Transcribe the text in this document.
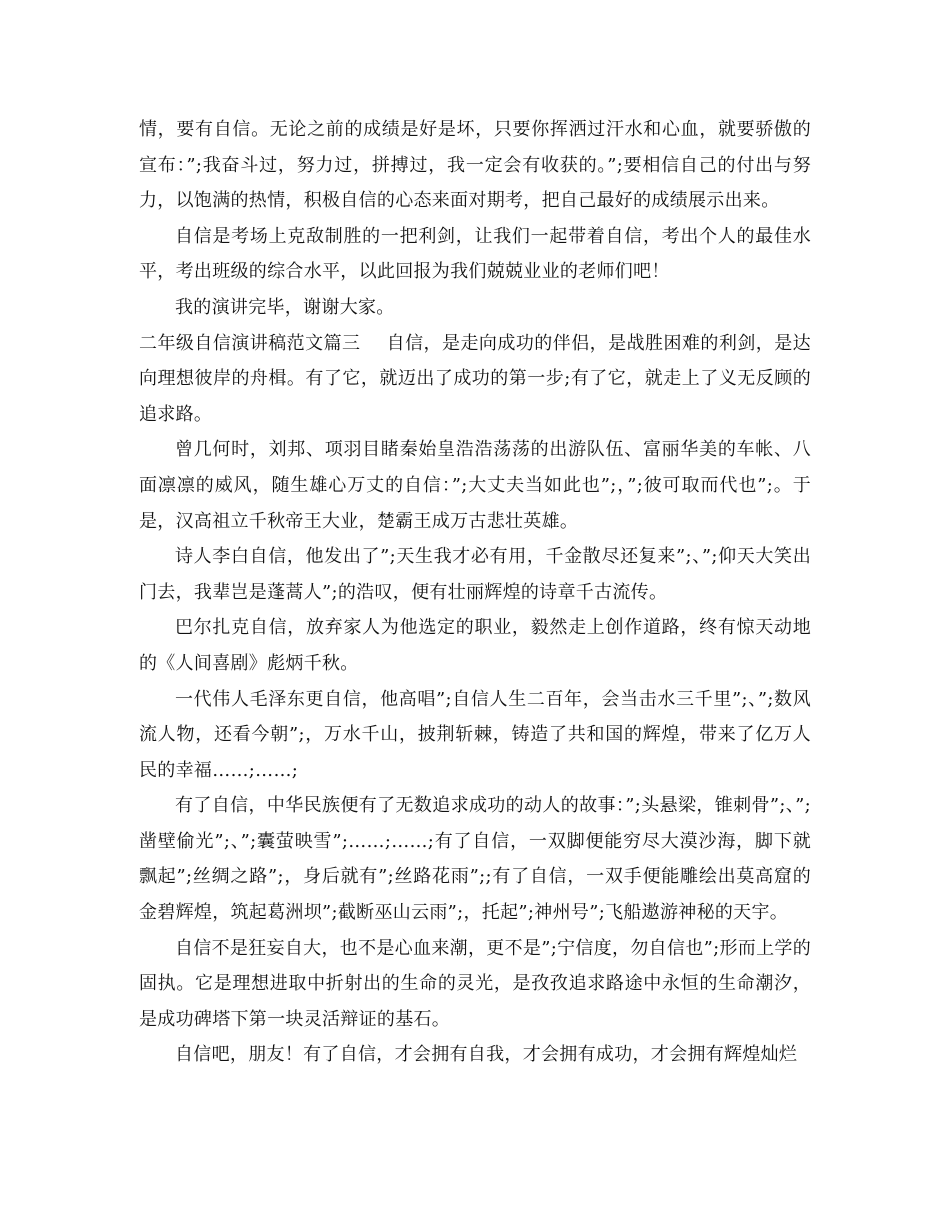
情，要有自信。无论之前的成绩是好是坏，只要你挥洒过汗水和心血，就要骄傲的宣布：”;我奋斗过，努力过，拼搏过，我一定会有收获的。”;要相信自己的付出与努力，以饱满的热情，积极自信的心态来面对期考，把自己最好的成绩展示出来。

自信是考场上克敌制胜的一把利剑，让我们一起带着自信，考出个人的最佳水平，考出班级的综合水平，以此回报为我们兢兢业业的老师们吧！

我的演讲完毕，谢谢大家。

二年级自信演讲稿范文篇三 自信，是走向成功的伴侣，是战胜困难的利剑，是达向理想彼岸的舟楫。有了它，就迈出了成功的第一步;有了它，就走上了义无反顾的追求路。

曾几何时，刘邦、项羽目睹秦始皇浩浩荡荡的出游队伍、富丽华美的车帐、八面凛凛的威风，随生雄心万丈的自信：”;大丈夫当如此也”;，”;彼可取而代也”;。于是，汉高祖立千秋帝王大业，楚霸王成万古悲壮英雄。

诗人李白自信，他发出了”;天生我才必有用，千金散尽还复来”;、”;仰天大笑出门去，我辈岂是蓬蒿人”;的浩叹，便有壮丽辉煌的诗章千古流传。

巴尔扎克自信，放弃家人为他选定的职业，毅然走上创作道路，终有惊天动地的《人间喜剧》彪炳千秋。

一代伟人毛泽东更自信，他高唱”;自信人生二百年，会当击水三千里”;、”;数风流人物，还看今朝”;，万水千山，披荆斩棘，铸造了共和国的辉煌，带来了亿万人民的幸福……;……;

有了自信，中华民族便有了无数追求成功的动人的故事：”;头悬梁，锥刺骨”;、”;凿壁偷光”;、”;囊萤映雪”;……;……;有了自信，一双脚便能穷尽大漠沙海，脚下就飘起”;丝绸之路”;，身后就有”;丝路花雨”;;有了自信，一双手便能雕绘出莫高窟的金碧辉煌，筑起葛洲坝”;截断巫山云雨”;，托起”;神州号”;飞船遨游神秘的天宇。

自信不是狂妄自大，也不是心血来潮，更不是”;宁信度，勿自信也”;形而上学的固执。它是理想进取中折射出的生命的灵光，是孜孜追求路途中永恒的生命潮汐，是成功碑塔下第一块灵活辩证的基石。

自信吧，朋友！有了自信，才会拥有自我，才会拥有成功，才会拥有辉煌灿烂
